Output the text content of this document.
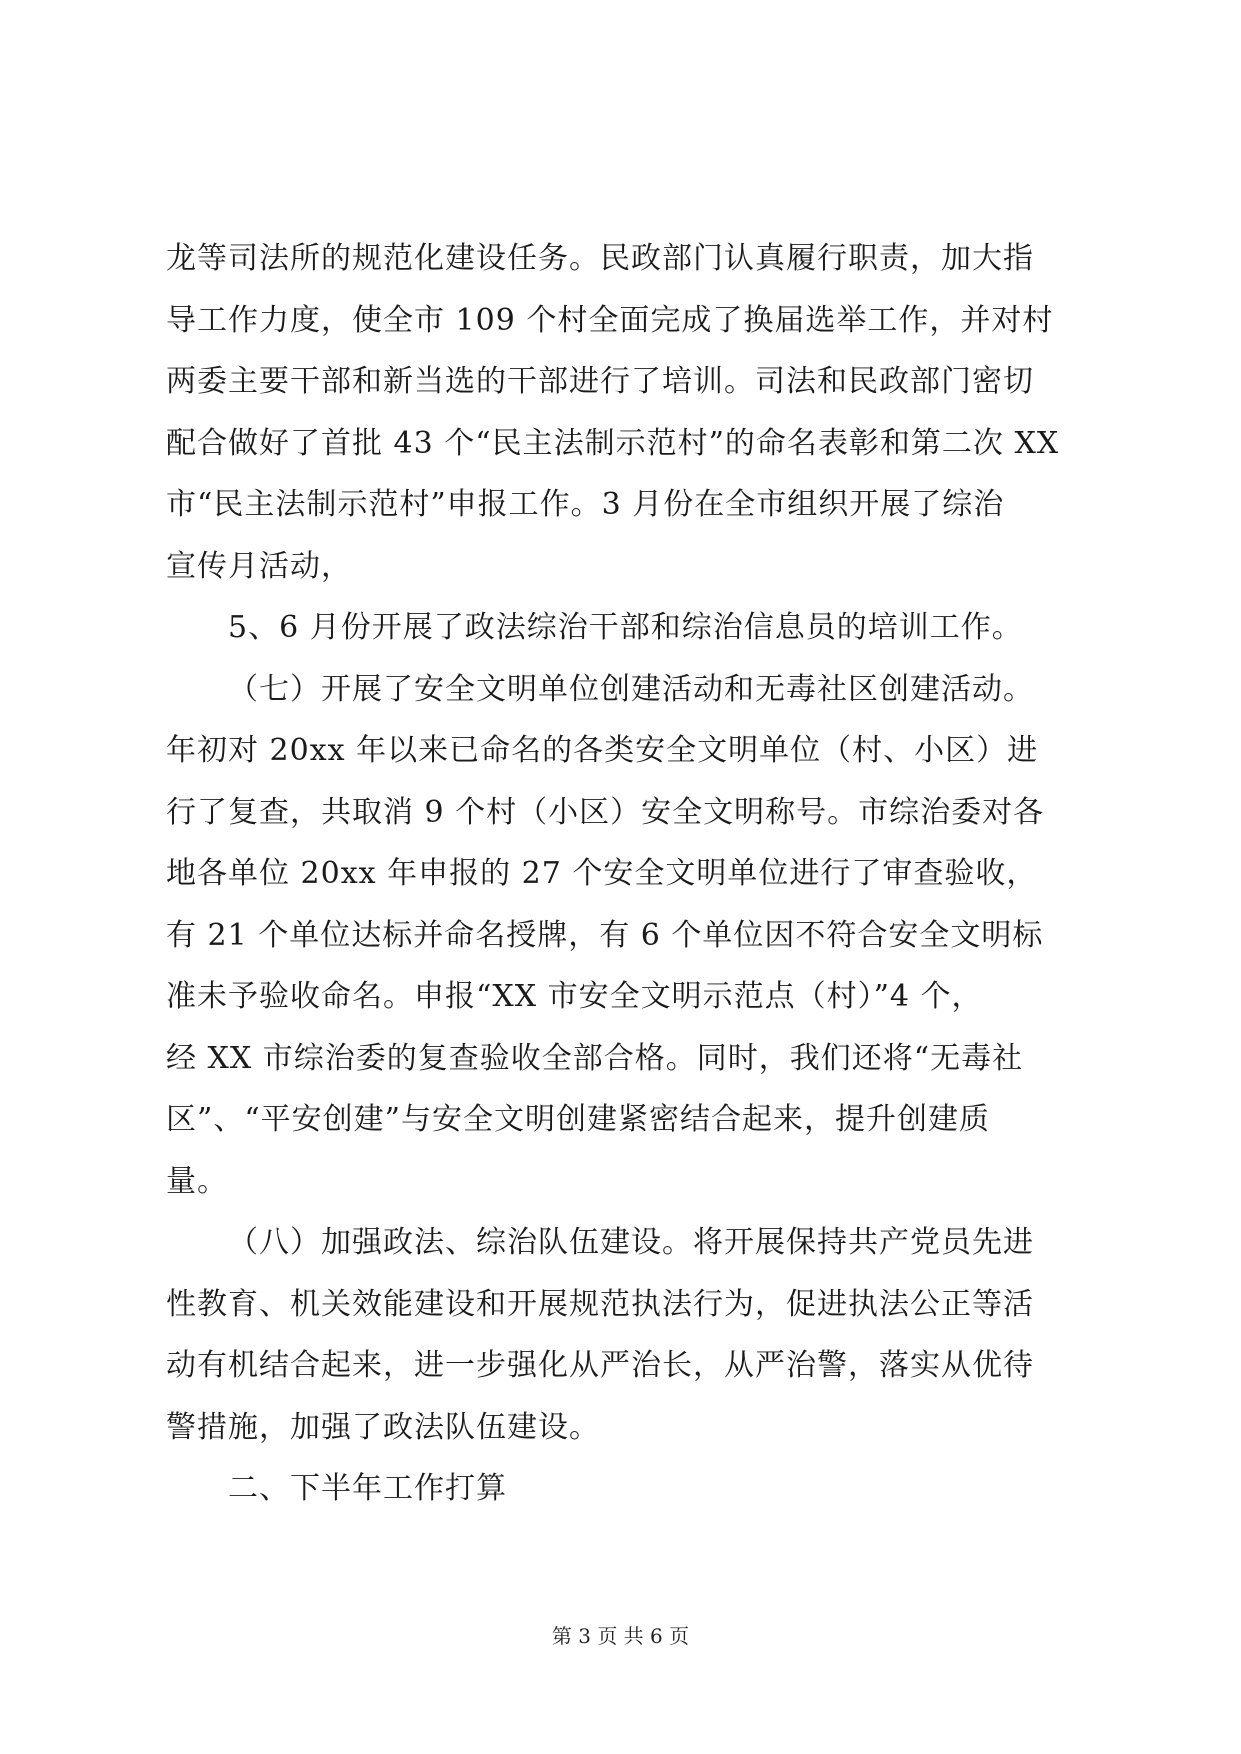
龙等司法所的规范化建设任务。民政部门认真履行职责，加大指
导工作力度，使全市 109 个村全面完成了换届选举工作，并对村
两委主要干部和新当选的干部进行了培训。司法和民政部门密切
配合做好了首批 43 个“民主法制示范村”的命名表彰和第二次 XX
市“民主法制示范村”申报工作。3 月份在全市组织开展了综治
宣传月活动，
5、6 月份开展了政法综治干部和综治信息员的培训工作。
（七）开展了安全文明单位创建活动和无毒社区创建活动。
年初对 20xx 年以来已命名的各类安全文明单位（村、小区）进
行了复查，共取消 9 个村（小区）安全文明称号。市综治委对各
地各单位 20xx 年申报的 27 个安全文明单位进行了审查验收，
有 21 个单位达标并命名授牌，有 6 个单位因不符合安全文明标
准未予验收命名。申报“XX 市安全文明示范点（村）”4 个，
经 XX 市综治委的复查验收全部合格。同时，我们还将“无毒社
区”、“平安创建”与安全文明创建紧密结合起来，提升创建质
量。
（八）加强政法、综治队伍建设。将开展保持共产党员先进
性教育、机关效能建设和开展规范执法行为，促进执法公正等活
动有机结合起来，进一步强化从严治长，从严治警，落实从优待
警措施，加强了政法队伍建设。
二、下半年工作打算
第 3 页 共 6 页
